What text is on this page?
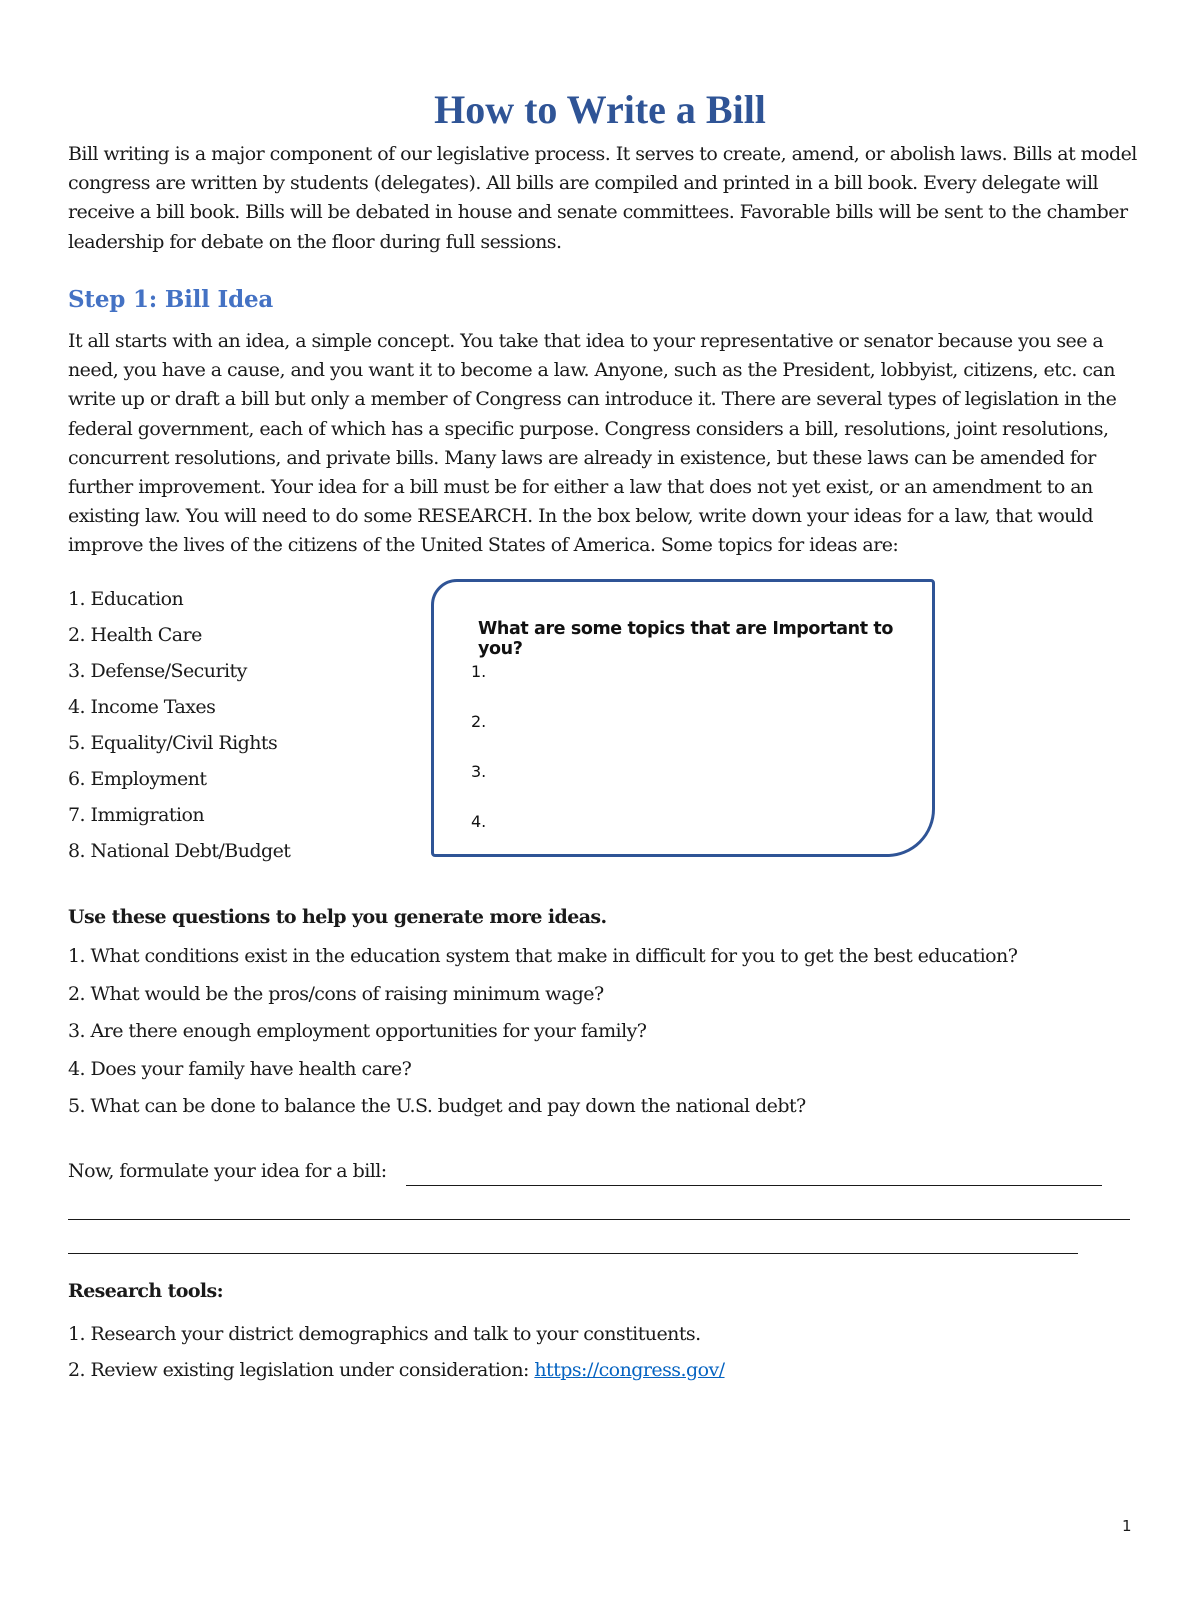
How to Write a Bill

Bill writing is a major component of our legislative process. It serves to create, amend, or abolish laws. Bills at model congress are written by students (delegates). All bills are compiled and printed in a bill book. Every delegate will receive a bill book. Bills will be debated in house and senate committees. Favorable bills will be sent to the chamber leadership for debate on the floor during full sessions.

Step 1: Bill Idea

It all starts with an idea, a simple concept. You take that idea to your representative or senator because you see a need, you have a cause, and you want it to become a law. Anyone, such as the President, lobbyist, citizens, etc. can write up or draft a bill but only a member of Congress can introduce it. There are several types of legislation in the federal government, each of which has a specific purpose. Congress considers a bill, resolutions, joint resolutions, concurrent resolutions, and private bills. Many laws are already in existence, but these laws can be amended for further improvement. Your idea for a bill must be for either a law that does not yet exist, or an amendment to an existing law. You will need to do some RESEARCH. In the box below, write down your ideas for a law, that would improve the lives of the citizens of the United States of America. Some topics for ideas are:

1. Education
2. Health Care
3. Defense/Security
4. Income Taxes
5. Equality/Civil Rights
6. Employment
7. Immigration
8. National Debt/Budget

What are some topics that are Important to you?

1.

2.

3.

4.

Use these questions to help you generate more ideas.

1. What conditions exist in the education system that make in difficult for you to get the best education?
2. What would be the pros/cons of raising minimum wage?
3. Are there enough employment opportunities for your family?
4. Does your family have health care?
5. What can be done to balance the U.S. budget and pay down the national debt?

Now, formulate your idea for a bill:

Research tools:

1. Research your district demographics and talk to your constituents.
2. Review existing legislation under consideration: https://congress.gov/

1
